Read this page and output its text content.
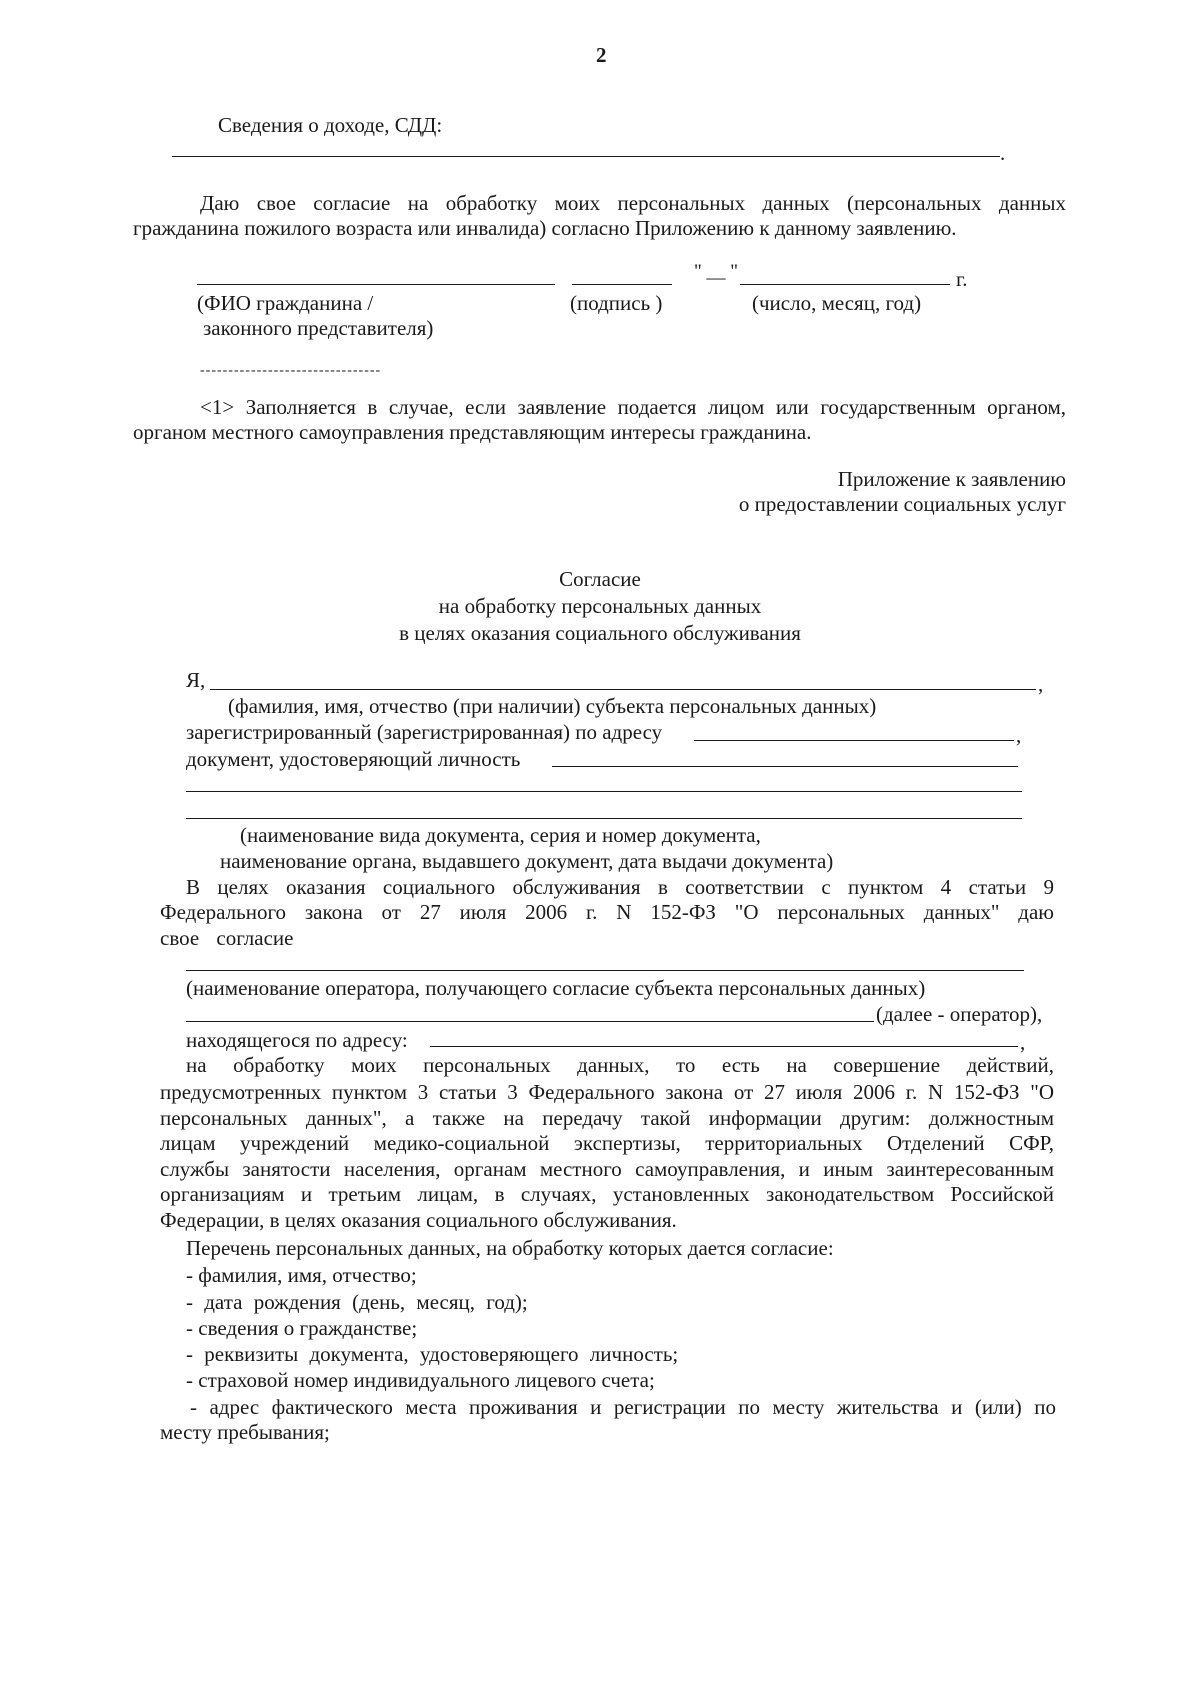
2
Сведения о доходе, СДД:
.
Даю свое согласие на обработку моих персональных данных (персональных данных
гражданина пожилого возраста или инвалида) согласно Приложению к данному заявлению.
" __ "	г.
(ФИО гражданина /
законного представителя)
(подпись )	(число, месяц, год)
--------------------------------
<1> Заполняется в случае, если заявление подается лицом или государственным органом,
органом местного самоуправления представляющим интересы гражданина.
Приложение к заявлению
о предоставлении социальных услуг
Согласие
на обработку персональных данных
в целях оказания социального обслуживания
Я,	,
(фамилия, имя, отчество (при наличии) субъекта персональных данных)
зарегистрированный (зарегистрированная) по адресу	,
документ, удостоверяющий личность
(наименование вида документа, серия и номер документа,
наименование органа, выдавшего документ, дата выдачи документа)
В целях оказания социального обслуживания в соответствии с пунктом 4 статьи 9
Федерального закона от 27 июля 2006 г. N 152-ФЗ "О персональных данных" даю
свое согласие
(наименование оператора, получающего согласие субъекта персональных данных)
(далее - оператор),
находящегося по адресу:	,
на обработку моих персональных данных, то есть на совершение действий,
предусмотренных пунктом 3 статьи 3 Федерального закона от 27 июля 2006 г. N 152-ФЗ "О
персональных данных", а также на передачу такой информации другим: должностным
лицам учреждений медико-социальной экспертизы, территориальных Отделений СФР,
службы занятости населения, органам местного самоуправления, и иным заинтересованным
организациям и третьим лицам, в случаях, установленных законодательством Российской
Федерации, в целях оказания социального обслуживания.
Перечень персональных данных, на обработку которых дается согласие:
- фамилия, имя, отчество;
- дата рождения (день, месяц, год);
- сведения о гражданстве;
- реквизиты документа, удостоверяющего личность;
- страховой номер индивидуального лицевого счета;
- адрес фактического места проживания и регистрации по месту жительства и (или) по
месту пребывания;
